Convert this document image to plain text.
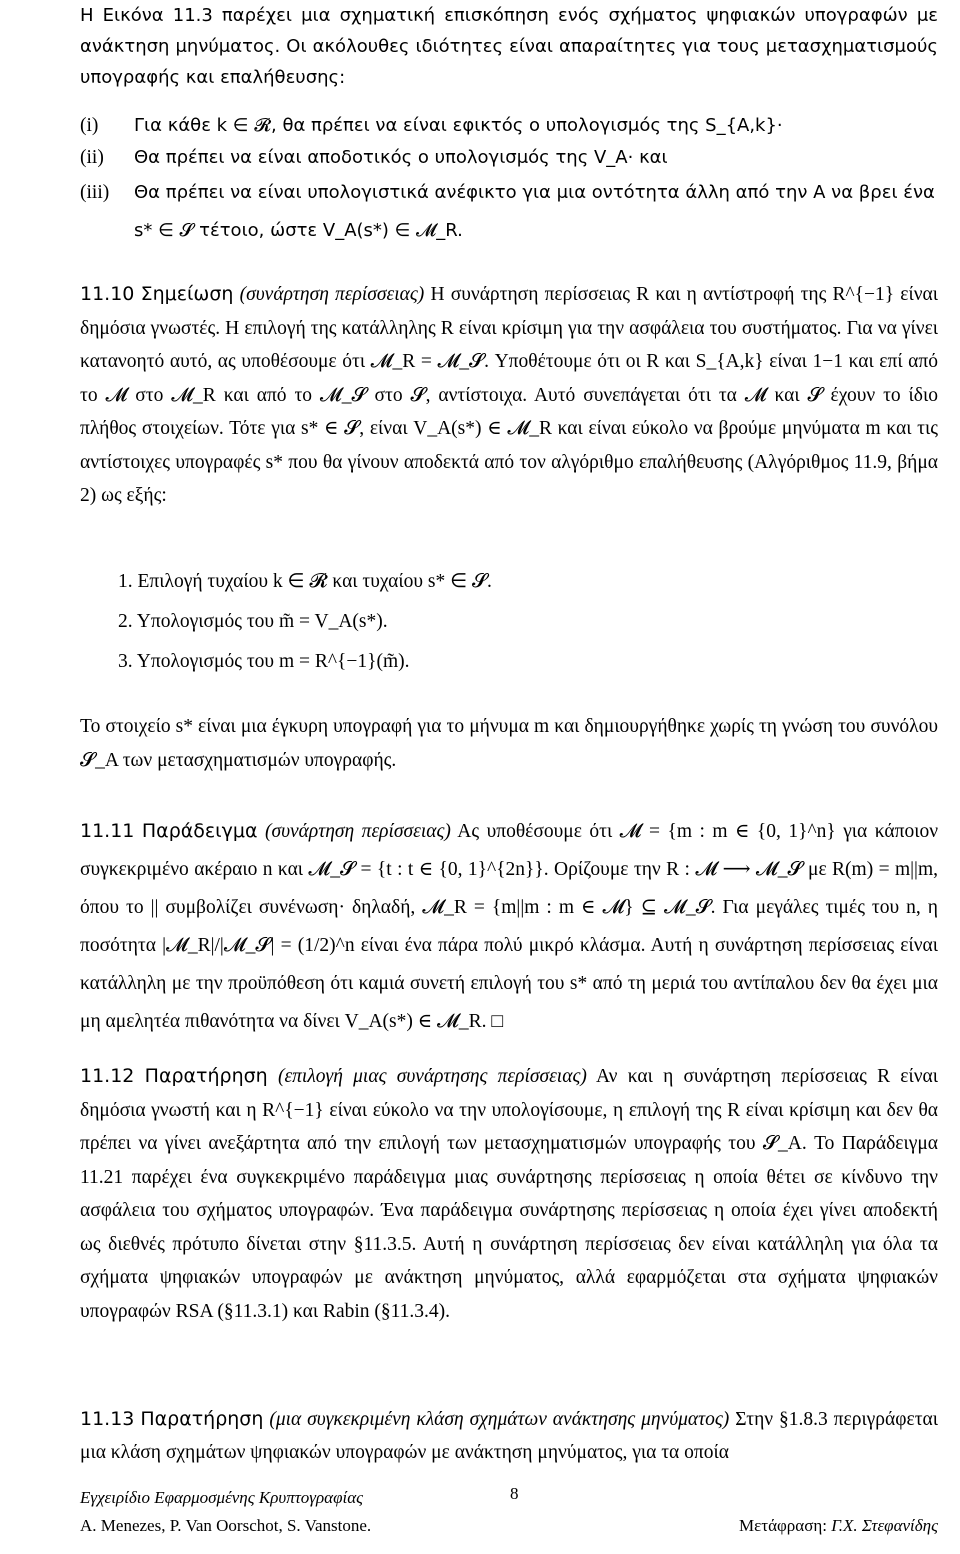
Η Εικόνα 11.3 παρέχει μια σχηματική επισκόπηση ενός σχήματος ψηφιακών υπογραφών με ανάκτηση μηνύματος. Οι ακόλουθες ιδιότητες είναι απαραίτητες για τους μετασχηματισμούς υπογραφής και επαλήθευσης:

(i) Για κάθε k ∈ 𝓡, θα πρέπει να είναι εφικτός ο υπολογισμός της S_{A,k}·
(ii) Θα πρέπει να είναι αποδοτικός ο υπολογισμός της V_A· και
(iii) Θα πρέπει να είναι υπολογιστικά ανέφικτο για μια οντότητα άλλη από την A να βρει ένα s* ∈ 𝓢 τέτοιο, ώστε V_A(s*) ∈ 𝓜_R.

11.10 Σημείωση (συνάρτηση περίσσειας) Η συνάρτηση περίσσειας R και η αντίστροφή της R^{−1} είναι δημόσια γνωστές. Η επιλογή της κατάλληλης R είναι κρίσιμη για την ασφάλεια του συστήματος. Για να γίνει κατανοητό αυτό, ας υποθέσουμε ότι 𝓜_R = 𝓜_𝓢. Υποθέτουμε ότι οι R και S_{A,k} είναι 1−1 και επί από το 𝓜 στο 𝓜_R και από το 𝓜_𝓢 στο 𝓢, αντίστοιχα. Αυτό συνεπάγεται ότι τα 𝓜 και 𝓢 έχουν το ίδιο πλήθος στοιχείων. Τότε για s* ∈ 𝓢, είναι V_A(s*) ∈ 𝓜_R και είναι εύκολο να βρούμε μηνύματα m και τις αντίστοιχες υπογραφές s* που θα γίνουν αποδεκτά από τον αλγόριθμο επαλήθευσης (Αλγόριθμος 11.9, βήμα 2) ως εξής:

1. Επιλογή τυχαίου k ∈ 𝓡 και τυχαίου s* ∈ 𝓢.
2. Υπολογισμός του m̃ = V_A(s*).
3. Υπολογισμός του m = R^{−1}(m̃).

Το στοιχείο s* είναι μια έγκυρη υπογραφή για το μήνυμα m και δημιουργήθηκε χωρίς τη γνώση του συνόλου 𝓢_A των μετασχηματισμών υπογραφής.

11.11 Παράδειγμα (συνάρτηση περίσσειας) Ας υποθέσουμε ότι 𝓜 = {m : m ∈ {0, 1}^n} για κάποιον συγκεκριμένο ακέραιο n και 𝓜_𝓢 = {t : t ∈ {0, 1}^{2n}}. Ορίζουμε την R : 𝓜 ⟶ 𝓜_𝓢 με R(m) = m||m, όπου το || συμβολίζει συνένωση· δηλαδή, 𝓜_R = {m||m : m ∈ 𝓜} ⊆ 𝓜_𝓢. Για μεγάλες τιμές του n, η ποσότητα |𝓜_R|/|𝓜_𝓢| = (1/2)^n είναι ένα πάρα πολύ μικρό κλάσμα. Αυτή η συνάρτηση περίσσειας είναι κατάλληλη με την προϋπόθεση ότι καμιά συνετή επιλογή του s* από τη μεριά του αντίπαλου δεν θα έχει μια μη αμελητέα πιθανότητα να δίνει V_A(s*) ∈ 𝓜_R. □

11.12 Παρατήρηση (επιλογή μιας συνάρτησης περίσσειας) Αν και η συνάρτηση περίσσειας R είναι δημόσια γνωστή και η R^{−1} είναι εύκολο να την υπολογίσουμε, η επιλογή της R είναι κρίσιμη και δεν θα πρέπει να γίνει ανεξάρτητα από την επιλογή των μετασχηματισμών υπογραφής του 𝓢_A. Το Παράδειγμα 11.21 παρέχει ένα συγκεκριμένο παράδειγμα μιας συνάρτησης περίσσειας η οποία θέτει σε κίνδυνο την ασφάλεια του σχήματος υπογραφών. Ένα παράδειγμα συνάρτησης περίσσειας η οποία έχει γίνει αποδεκτή ως διεθνές πρότυπο δίνεται στην §11.3.5. Αυτή η συνάρτηση περίσσειας δεν είναι κατάλληλη για όλα τα σχήματα ψηφιακών υπογραφών με ανάκτηση μηνύματος, αλλά εφαρμόζεται στα σχήματα ψηφιακών υπογραφών RSA (§11.3.1) και Rabin (§11.3.4).

11.13 Παρατήρηση (μια συγκεκριμένη κλάση σχημάτων ανάκτησης μηνύματος) Στην §1.8.3 περιγράφεται μια κλάση σχημάτων ψηφιακών υπογραφών με ανάκτηση μηνύματος, για τα οποία

Εγχειρίδιο Εφαρμοσμένης Κρυπτογραφίας	8
A. Menezes, P. Van Oorschot, S. Vanstone.	Μετάφραση: Γ.Χ. Στεφανίδης
